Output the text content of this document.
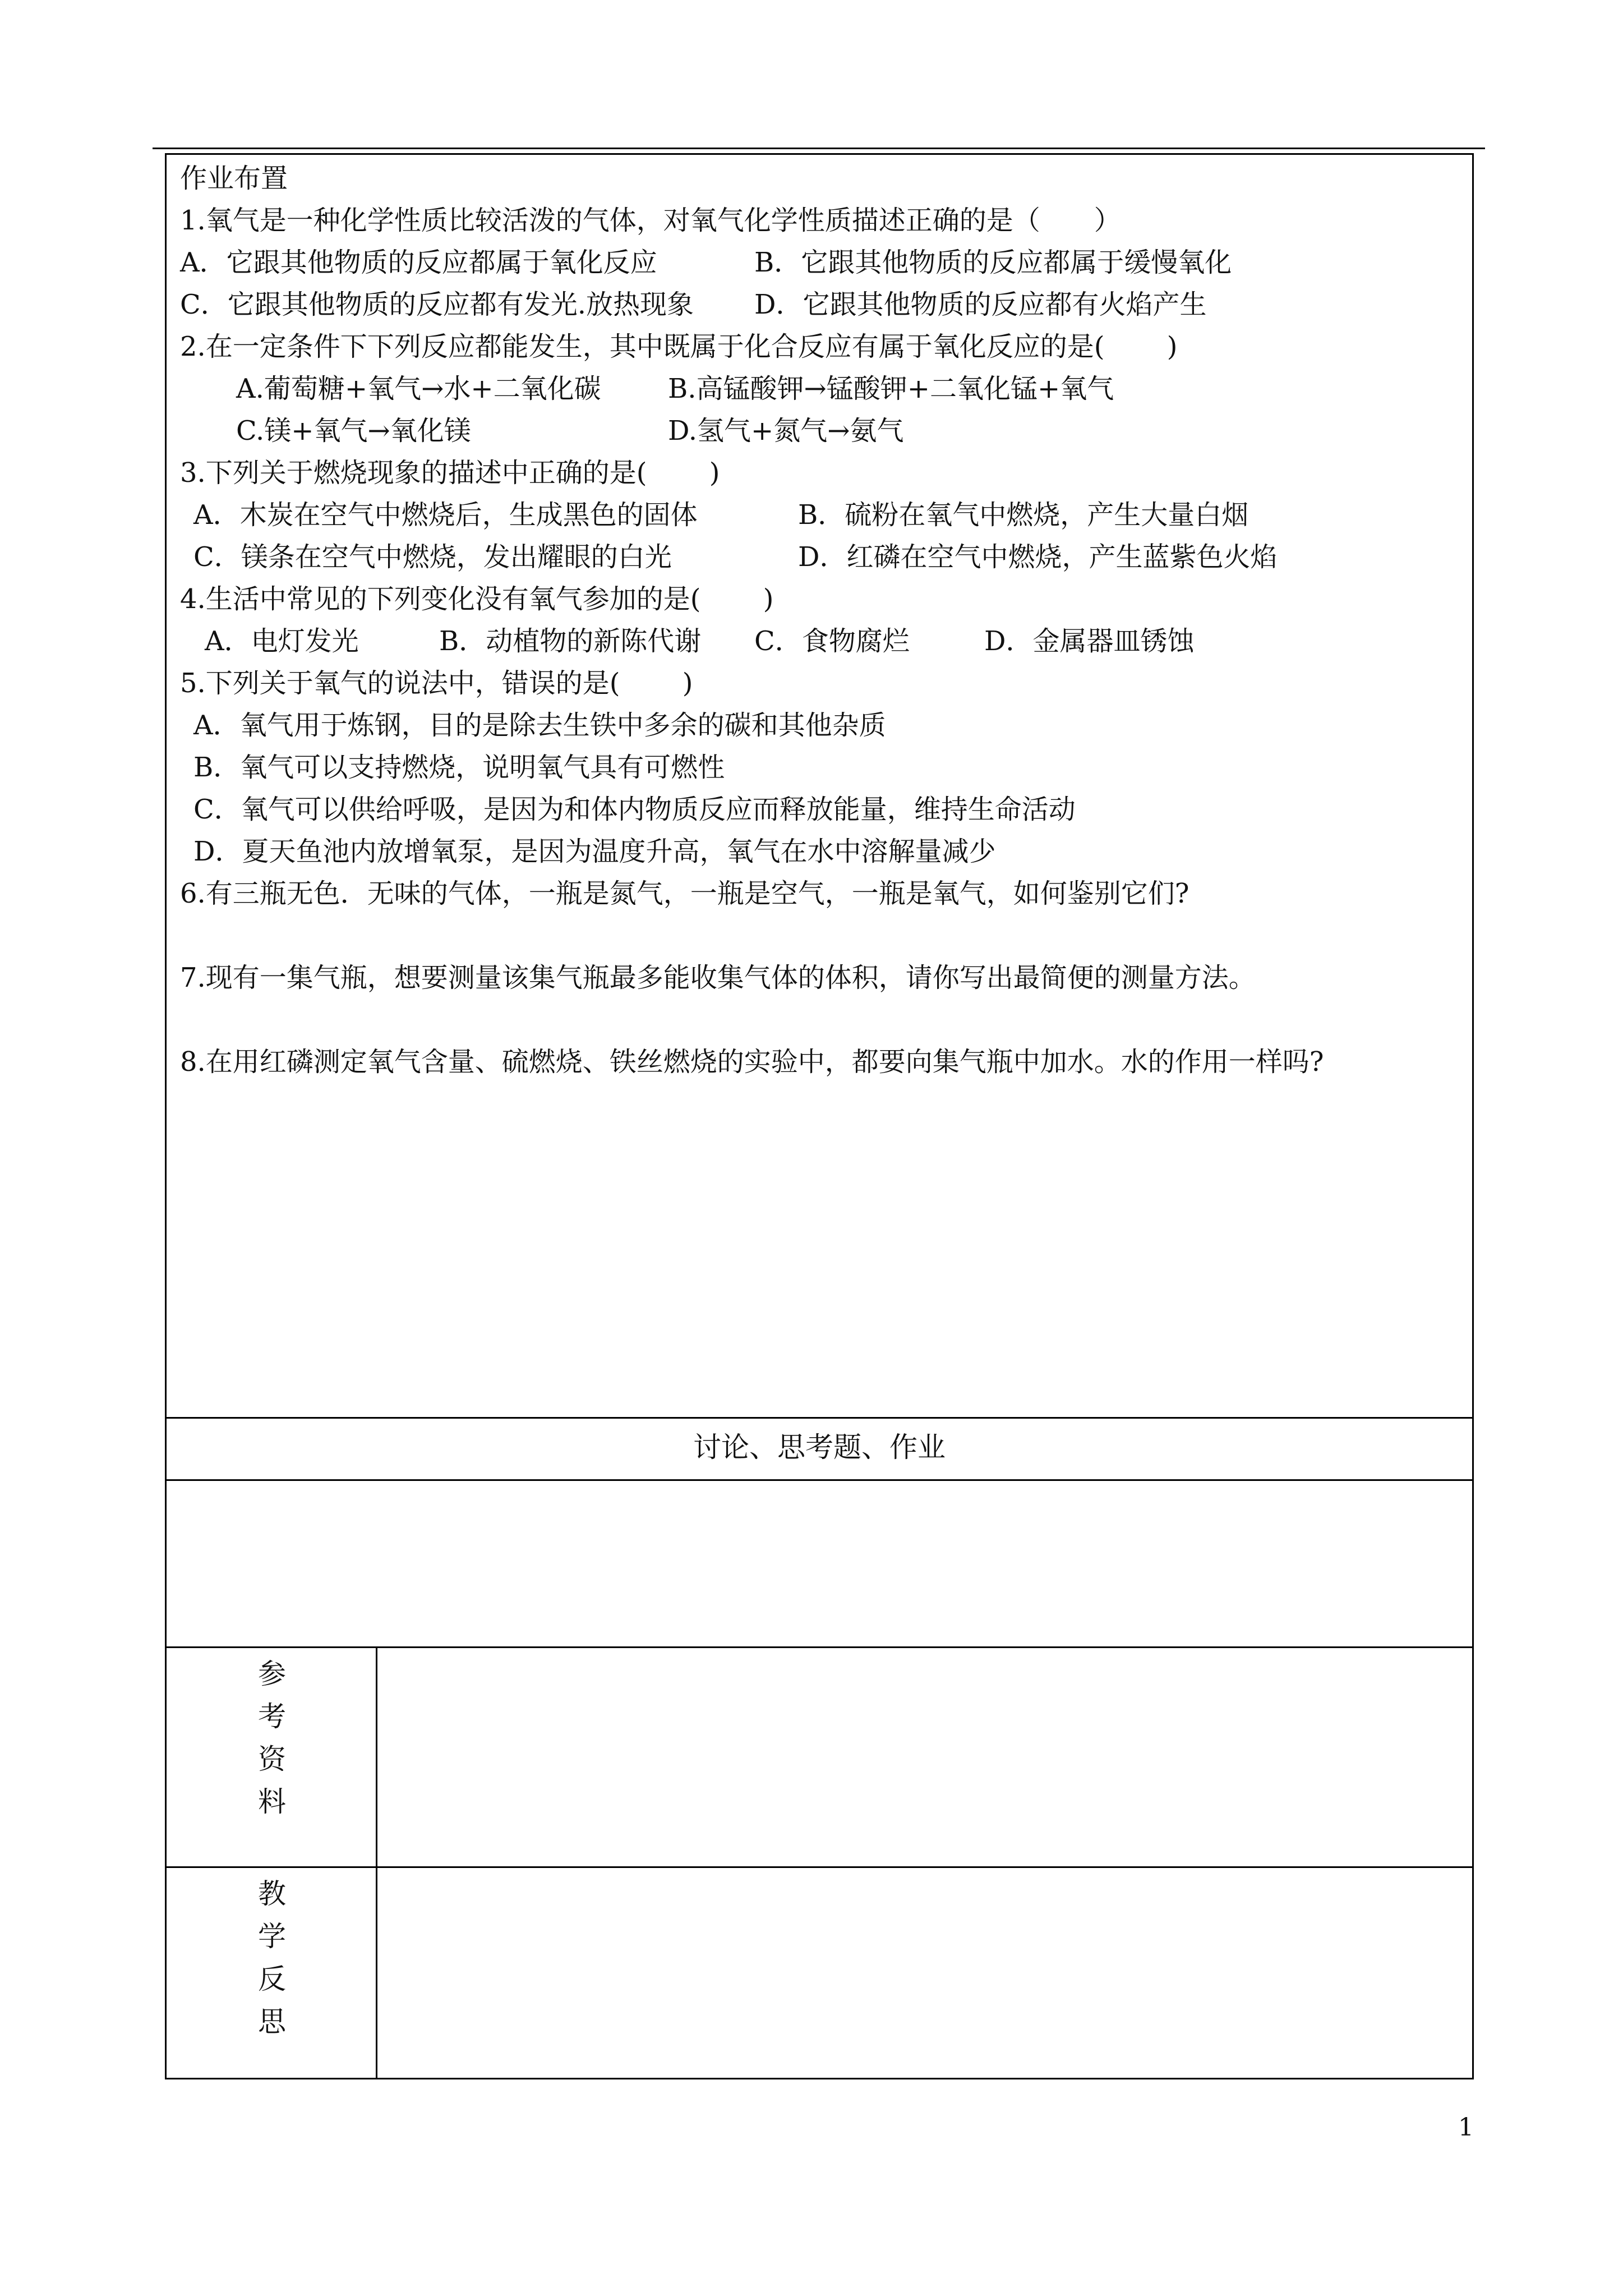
作业布置
1.氧气是一种化学性质比较活泼的气体，对氧气化学性质描述正确的是（　　）
A．它跟其他物质的反应都属于氧化反应	B．它跟其他物质的反应都属于缓慢氧化
C．它跟其他物质的反应都有发光.放热现象 D．它跟其他物质的反应都有火焰产生
2.在一定条件下下列反应都能发生，其中既属于化合反应有属于氧化反应的是(　　 )
A.葡萄糖+氧气→水+二氧化碳 B.高锰酸钾→锰酸钾+二氧化锰+氧气
C.镁+氧气→氧化镁	D.氢气+氮气→氨气
3.下列关于燃烧现象的描述中正确的是(　　 )
A．木炭在空气中燃烧后，生成黑色的固体	B．硫粉在氧气中燃烧，产生大量白烟
C．镁条在空气中燃烧，发出耀眼的白光	D．红磷在空气中燃烧，产生蓝紫色火焰
4.生活中常见的下列变化没有氧气参加的是(　　 )
A．电灯发光	B．动植物的新陈代谢 C．食物腐烂	D．金属器皿锈蚀
5.下列关于氧气的说法中，错误的是(　　 )
A．氧气用于炼钢，目的是除去生铁中多余的碳和其他杂质
B．氧气可以支持燃烧，说明氧气具有可燃性
C．氧气可以供给呼吸，是因为和体内物质反应而释放能量，维持生命活动
D．夏天鱼池内放增氧泵，是因为温度升高，氧气在水中溶解量减少
6.有三瓶无色．无味的气体，一瓶是氮气，一瓶是空气，一瓶是氧气，如何鉴别它们?
7.现有一集气瓶，想要测量该集气瓶最多能收集气体的体积，请你写出最简便的测量方法。
8.在用红磷测定氧气含量、硫燃烧、铁丝燃烧的实验中，都要向集气瓶中加水。水的作用一样吗?
讨论、思考题、作业
参
考
资
料
教
学
反
思
1
